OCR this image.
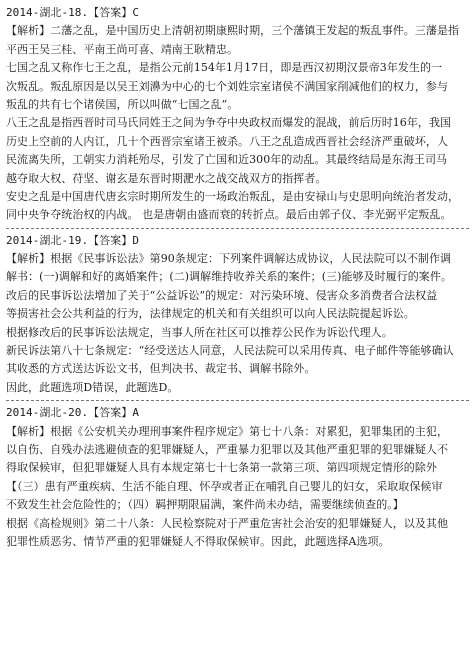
2014-湖北-18.【答案】C
【解析】二藩之乱，是中国历史上清朝初期康熙时期，三个藩镇王发起的叛乱事件。三藩是指
平西王吴三桂、平南王尚可喜、靖南王耿精忠。
七国之乱又称作七王之乱，是指公元前154年1月17日，即是西汉初期汉景帝3年发生的一
次叛乱。叛乱原因是以吴王刘濞为中心的七个刘姓宗室诸侯不满国家削减他们的权力，参与
叛乱的共有七个诸侯国，所以叫做“七国之乱”。
八王之乱是指西晋时司马氏同姓王之间为争夺中央政权而爆发的混战，前后历时16年，我国
历史上空前的人内讧，几十个西晋宗室诸王被杀。八王之乱造成西晋社会经济严重破坏，人
民流离失所，工朝实力消耗殆尽，引发了亡国和近300年的动乱。其最终结局是东海王司马
越夺取大权、苻坚、谢玄是东晋时期淝水之战交战双方的指挥者。
安史之乱是中国唐代唐玄宗时期所发生的一场政治叛乱，是由安禄山与史思明向统治者发动，
同中央争夺统治权的内战。 也是唐朝由盛而衰的转折点。最后由郭子仪、李光弼平定叛乱。
2014-湖北-19.【答案】D
【解析】根据《民事诉讼法》第90条规定：下列案件调解达成协议，人民法院可以不制作调
解书：(一)调解和好的离婚案件；(二)调解维持收养关系的案件；(三)能够及时履行的案件。
改后的民事诉讼法增加了关于“公益诉讼”的规定：对污染环境、侵害众多消费者合法权益
等损害社会公共利益的行为，法律规定的机关和有关组织可以向人民法院提起诉讼。
根据修改后的民事诉讼法规定，当事人所在社区可以推荐公民作为诉讼代理人。
新民诉法第八十七条规定：“经受送达人同意，人民法院可以采用传真、电子邮件等能够确认
其收悉的方式送达诉讼文书，但判决书、裁定书、调解书除外。
因此，此题选项D错误，此题选D。
2014-湖北-20.【答案】A
【解析】根据《公安机关办理刑事案件程序规定》第七十八条：对累犯，犯罪集团的主犯，
以自伤、自残办法逃避侦查的犯罪嫌疑人，严重暴力犯罪以及其他严重犯罪的犯罪嫌疑人不
得取保候审，但犯罪嫌疑人具有本规定第七十七条第一款第三项、第四项规定情形的除外
【（三）患有严重疾病、生活不能自理、怀孕或者正在哺乳自己婴儿的妇女，采取取保候审
不致发生社会危险性的；（四）羁押期限届满，案件尚未办结，需要继续侦查的。】
根据《高检规则》第二十八条：人民检察院对于严重危害社会治安的犯罪嫌疑人，以及其他
犯罪性质恶劣、情节严重的犯罪嫌疑人不得取保候审。因此，此题选择A选项。
